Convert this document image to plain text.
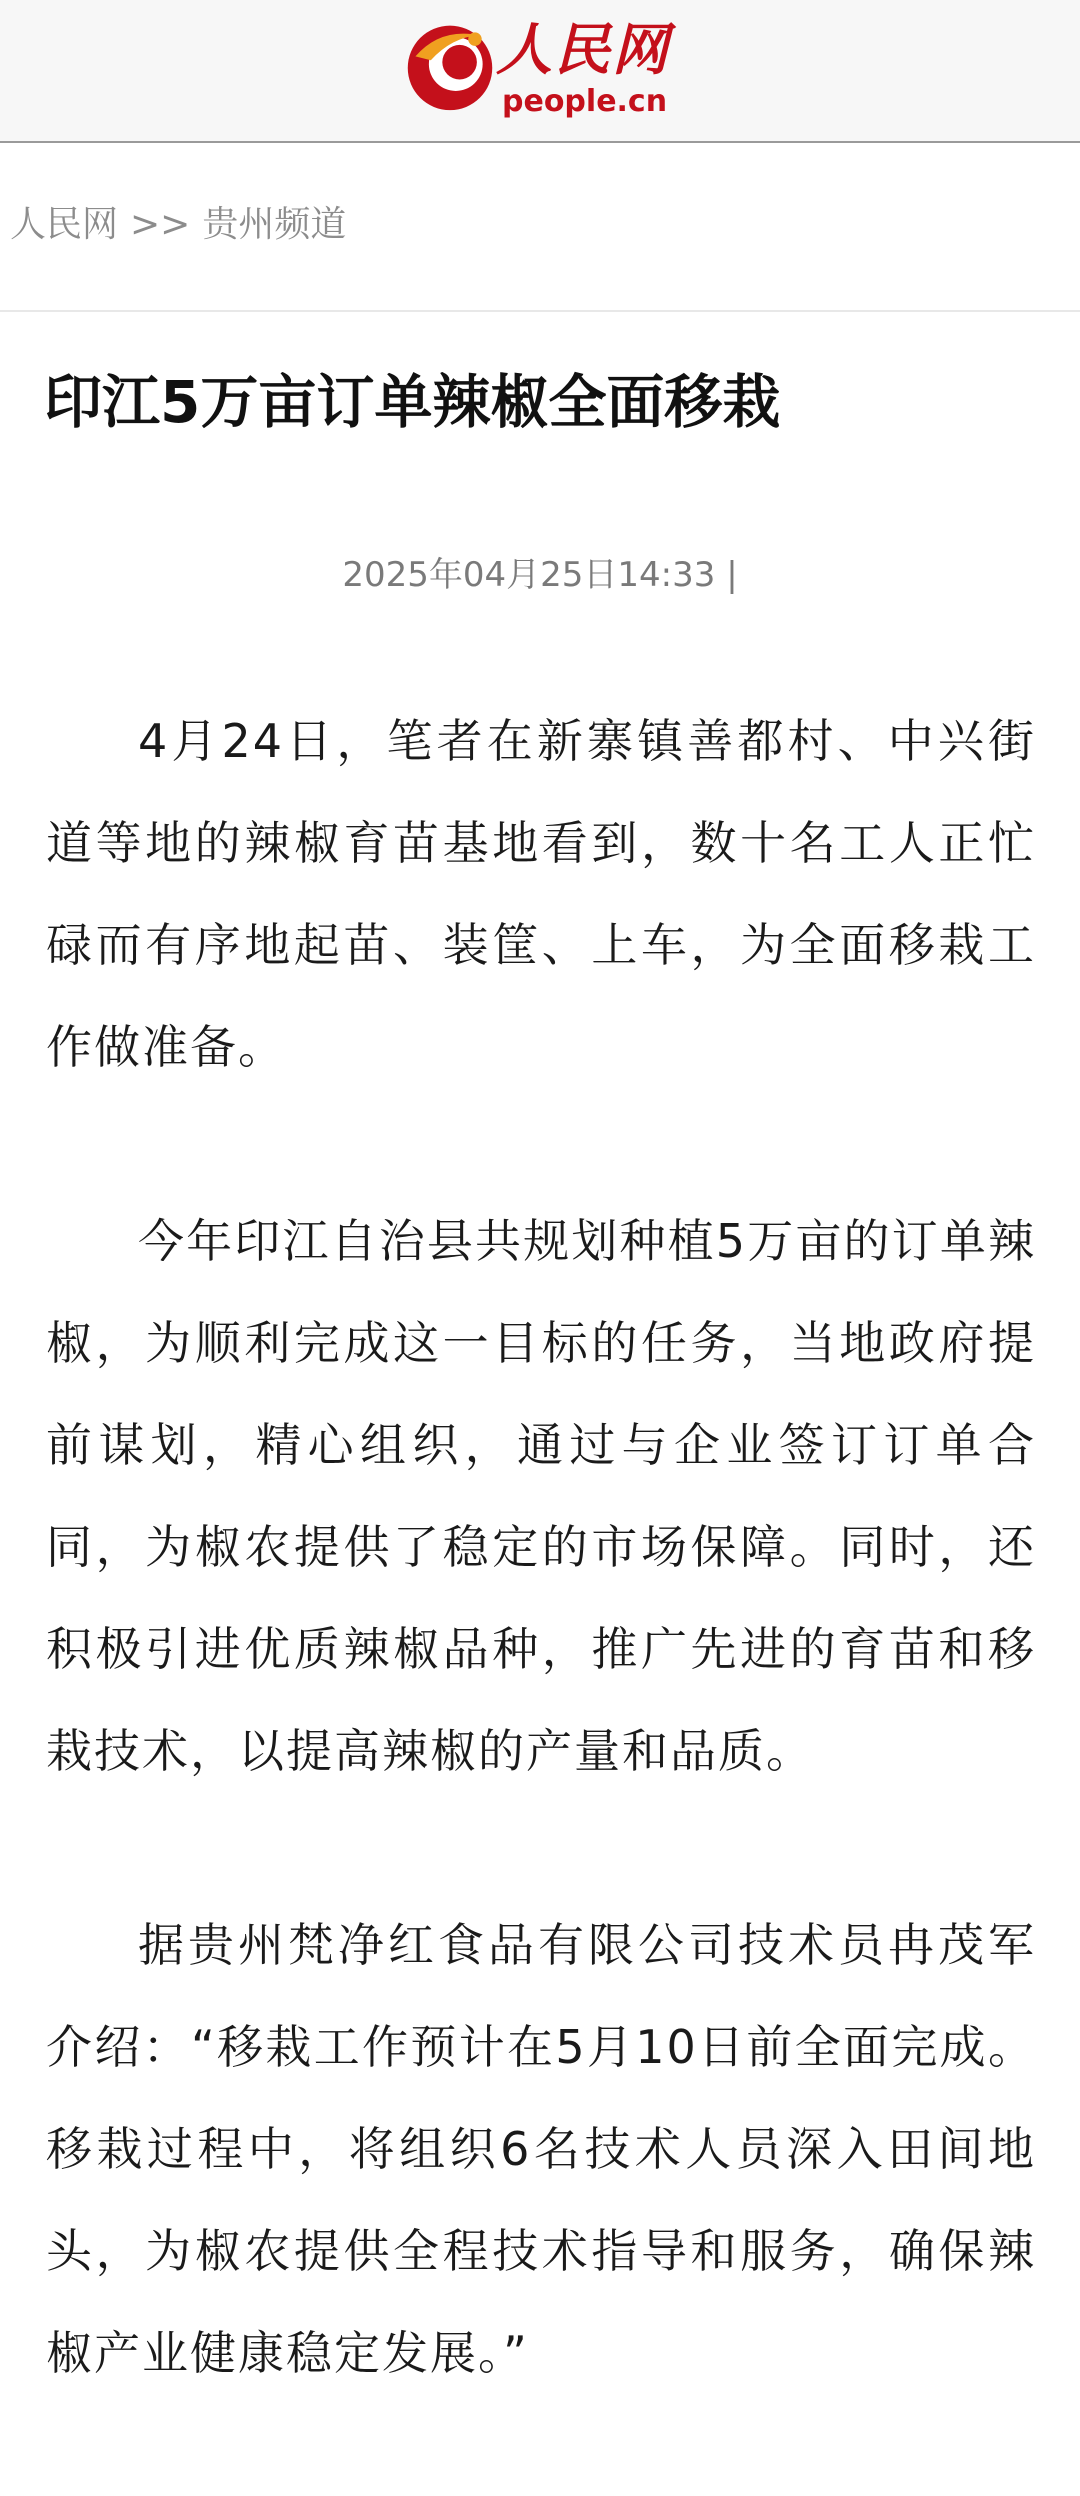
人民网
people.cn
人民网 >> 贵州频道
印江5万亩订单辣椒全面移栽
2025年04月25日14:33 |

4月24日，笔者在新寨镇善都村、中兴街道等地的辣椒育苗基地看到，数十名工人正忙碌而有序地起苗、装筐、上车，为全面移栽工作做准备。

今年印江自治县共规划种植5万亩的订单辣椒，为顺利完成这一目标的任务，当地政府提前谋划，精心组织，通过与企业签订订单合同，为椒农提供了稳定的市场保障。同时，还积极引进优质辣椒品种，推广先进的育苗和移栽技术，以提高辣椒的产量和品质。

据贵州梵净红食品有限公司技术员冉茂军介绍：“移栽工作预计在5月10日前全面完成。移栽过程中，将组织6名技术人员深入田间地头，为椒农提供全程技术指导和服务，确保辣椒产业健康稳定发展。”
